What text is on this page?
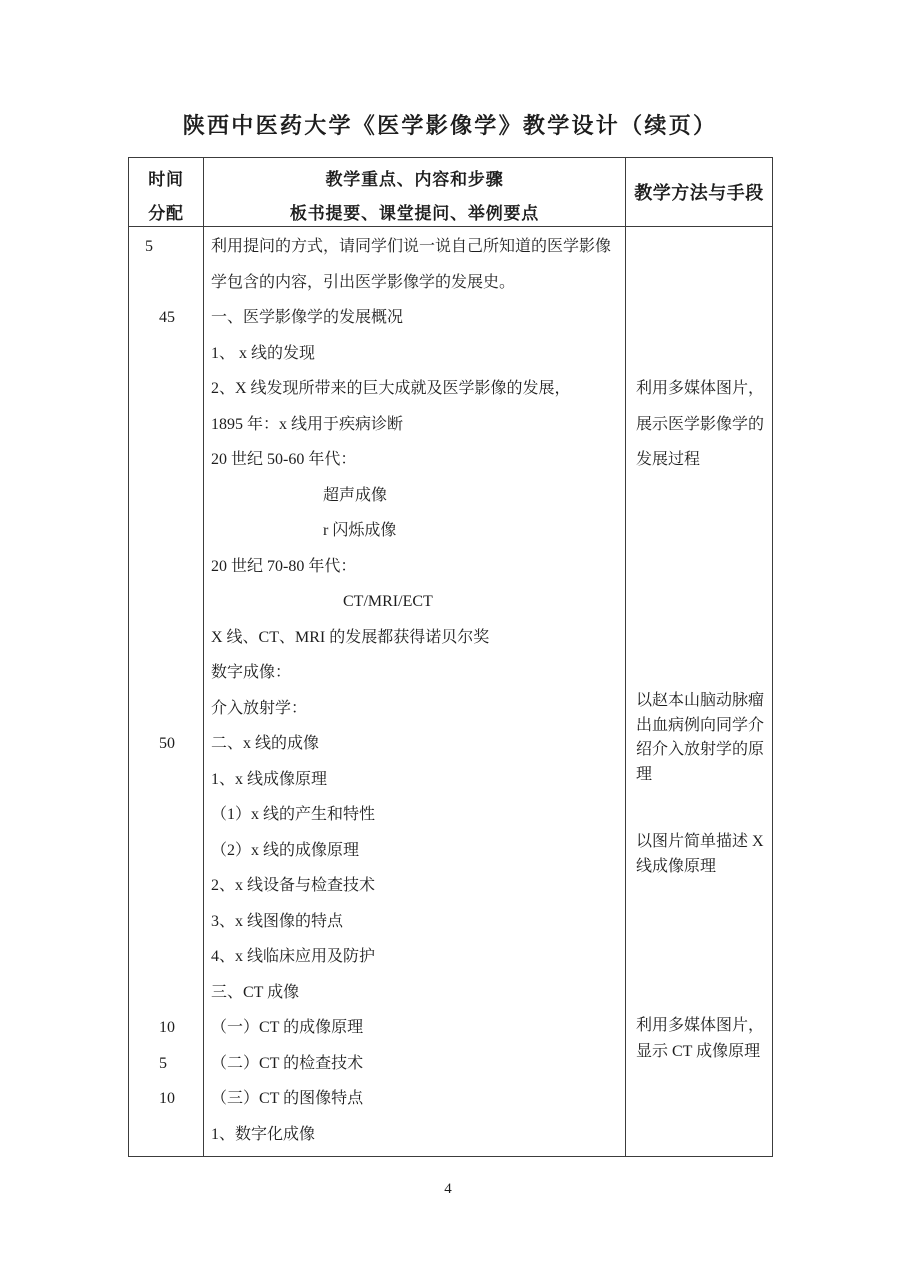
陕西中医药大学《医学影像学》教学设计（续页）
时间
分配
教学重点、内容和步骤
板书提要、课堂提问、举例要点
教学方法与手段
5
45
50
10
5
10
利用提问的方式，请同学们说一说自己所知道的医学影像
学包含的内容，引出医学影像学的发展史。
一、医学影像学的发展概况
1、 x 线的发现
2、X 线发现所带来的巨大成就及医学影像的发展，
1895 年：x 线用于疾病诊断
20 世纪 50-60 年代：
超声成像
r 闪烁成像
20 世纪 70-80 年代：
CT/MRI/ECT
X 线、CT、MRI 的发展都获得诺贝尔奖
数字成像：
介入放射学：
二、x 线的成像
1、x 线成像原理
（1）x 线的产生和特性
（2）x 线的成像原理
2、x 线设备与检查技术
3、x 线图像的特点
4、x 线临床应用及防护
三、CT 成像
（一）CT 的成像原理
（二）CT 的检查技术
（三）CT 的图像特点
1、数字化成像
利用多媒体图片，
展示医学影像学的
发展过程
以赵本山脑动脉瘤
出血病例向同学介
绍介入放射学的原
理
以图片简单描述 X
线成像原理
利用多媒体图片，
显示 CT 成像原理
4
